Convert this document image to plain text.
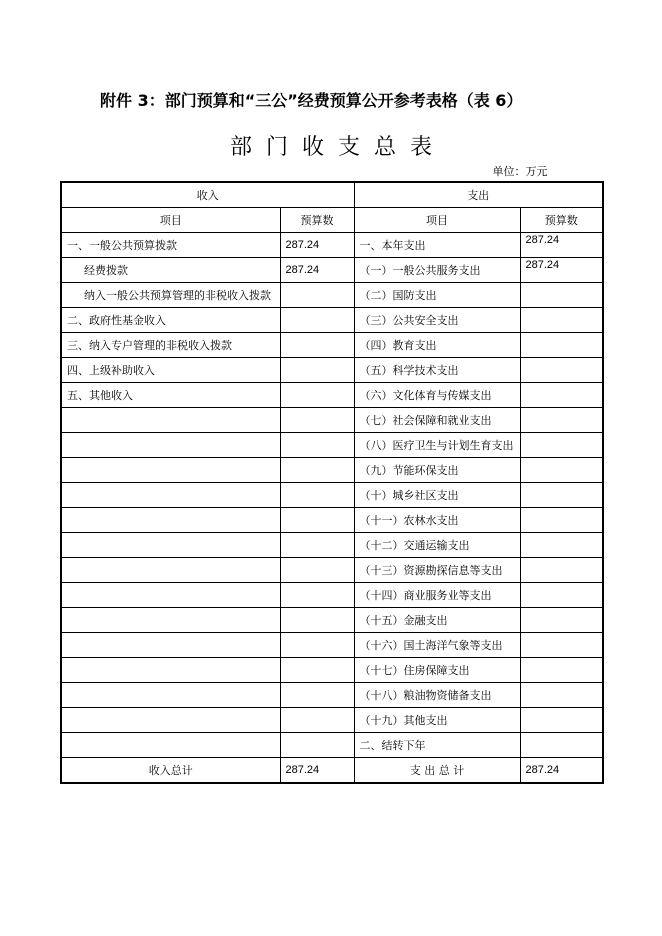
附件 3：部门预算和“三公”经费预算公开参考表格（表 6）
部门收支总表
单位：万元
收入		支出	
项目	预算数	项目	预算数
一、一般公共预算拨款	287.24	一、本年支出	287.24
经费拨款	287.24	（一）一般公共服务支出	287.24
纳入一般公共预算管理的非税收入拨款		（二）国防支出	
二、政府性基金收入		（三）公共安全支出	
三、纳入专户管理的非税收入拨款		（四）教育支出	
四、上级补助收入		（五）科学技术支出	
五、其他收入		（六）文化体育与传媒支出	
		（七）社会保障和就业支出	
		（八）医疗卫生与计划生育支出	
		（九）节能环保支出	
		（十）城乡社区支出	
		（十一）农林水支出	
		（十二）交通运输支出	
		（十三）资源勘探信息等支出	
		（十四）商业服务业等支出	
		（十五）金融支出	
		（十六）国土海洋气象等支出	
		（十七）住房保障支出	
		（十八）粮油物资储备支出	
		（十九）其他支出	
		二、结转下年	
收入总计	287.24	支 出 总 计	287.24
